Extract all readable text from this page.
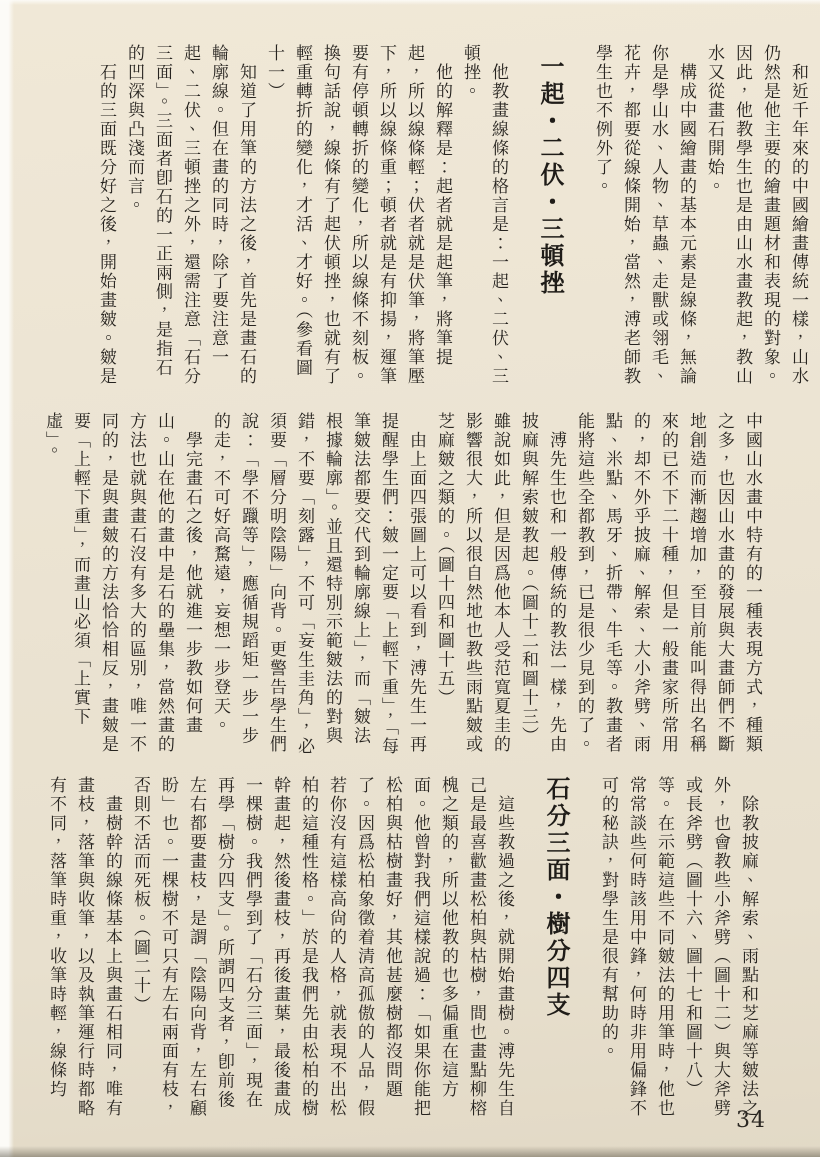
和近千年來的中國繪畫傳統一樣，山水仍然是他主要的繪畫題材和表現的對象。因此，他教學生也是由山水畫教起，教山水又從畫石開始。

構成中國繪畫的基本元素是線條，無論你是學山水、人物、草蟲、走獸或翎毛、花卉，都要從線條開始，當然，溥老師教學生也不例外了。

一起・二伏・三頓挫

他教畫線條的格言是：一起、二伏、三頓挫。

他的解釋是：起者就是起筆，將筆提起，所以線條輕；伏者就是伏筆，將筆壓下，所以線條重；頓者就是有抑揚，運筆要有停頓轉折的變化，所以線條不刻板。換句話說，線條有了起伏頓挫，也就有了輕重轉折的變化，才活、才好。（參看圖十一）

知道了用筆的方法之後，首先是畫石的輪廓線。但在畫的同時，除了要注意一起、二伏、三頓挫之外，還需注意「石分三面」。三面者卽石的一正兩側，是指石的凹深與凸淺而言。

石的三面既分好之後，開始畫皴。皴是

中國山水畫中特有的一種表現方式，種類之多，也因山水畫的發展與大畫師們不斷地創造而漸趨增加，至目前能叫得出名稱來的已不下二十種，但是一般畫家所常用的，却不外乎披麻、解索、大小斧劈、雨點、米點、馬牙、折帶、牛毛等。教畫者能將這些全都教到，已是很少見到的了。

溥先生也和一般傳統的教法一樣，先由披麻與解索皴教起。（圖十二和圖十三）雖說如此，但是因爲他本人受范寬夏圭的影響很大，所以很自然地也教些雨點皴或芝麻皴之類的。（圖十四和圖十五）

由上面四張圖上可以看到，溥先生一再提醒學生們：皴一定要「上輕下重」，「每筆皴法都要交代到輪廓線上」，而「皴法根據輪廓」。並且還特別示範皴法的對與錯，不要「刻露」，不可「妄生圭角」，必須要「層分明陰陽」向背。更警告學生們說：「學不躐等」，應循規蹈矩一步一步的走，不可好高騖遠，妄想一步登天。

學完畫石之後，他就進一步教如何畫山。山在他的畫中是石的壘集，當然畫的方法也就與畫石沒有多大的區別，唯一不同的，是與畫皴的方法恰恰相反，畫皴是要「上輕下重」，而畫山必須「上實下虛」。

除教披麻、解索、雨點和芝麻等皴法之外，也會教些小斧劈（圖十二）與大斧劈或長斧劈（圖十六、圖十七和圖十八）等。在示範這些不同皴法的用筆時，他也常常談些何時該用中鋒，何時非用偏鋒不可的秘訣，對學生是很有幫助的。

石分三面・樹分四支

這些教過之後，就開始畫樹。溥先生自己是最喜歡畫松柏與枯樹，間也畫點柳榕槐之類的，所以他教的也多偏重在這方面。他曾對我們這樣說過：「如果你能把松柏與枯樹畫好，其他甚麼樹都沒問題了。因爲松柏象徵着清高孤傲的人品，假若你沒有這樣高尙的人格，就表現不出松柏的這種性格。」於是我們先由松柏的樹幹畫起，然後畫枝，再後畫葉，最後畫成一棵樹。我們學到了「石分三面」，現在再學「樹分四支」。所謂四支者，卽前後左右都要畫枝，是謂「陰陽向背，左右顧盼」也。一棵樹不可只有左右兩面有枝，否則不活而死板。（圖二十）

畫樹幹的線條基本上與畫石相同，唯有畫枝，落筆與收筆，以及執筆運行時都略有不同，落筆時重，收筆時輕，線條均

34
